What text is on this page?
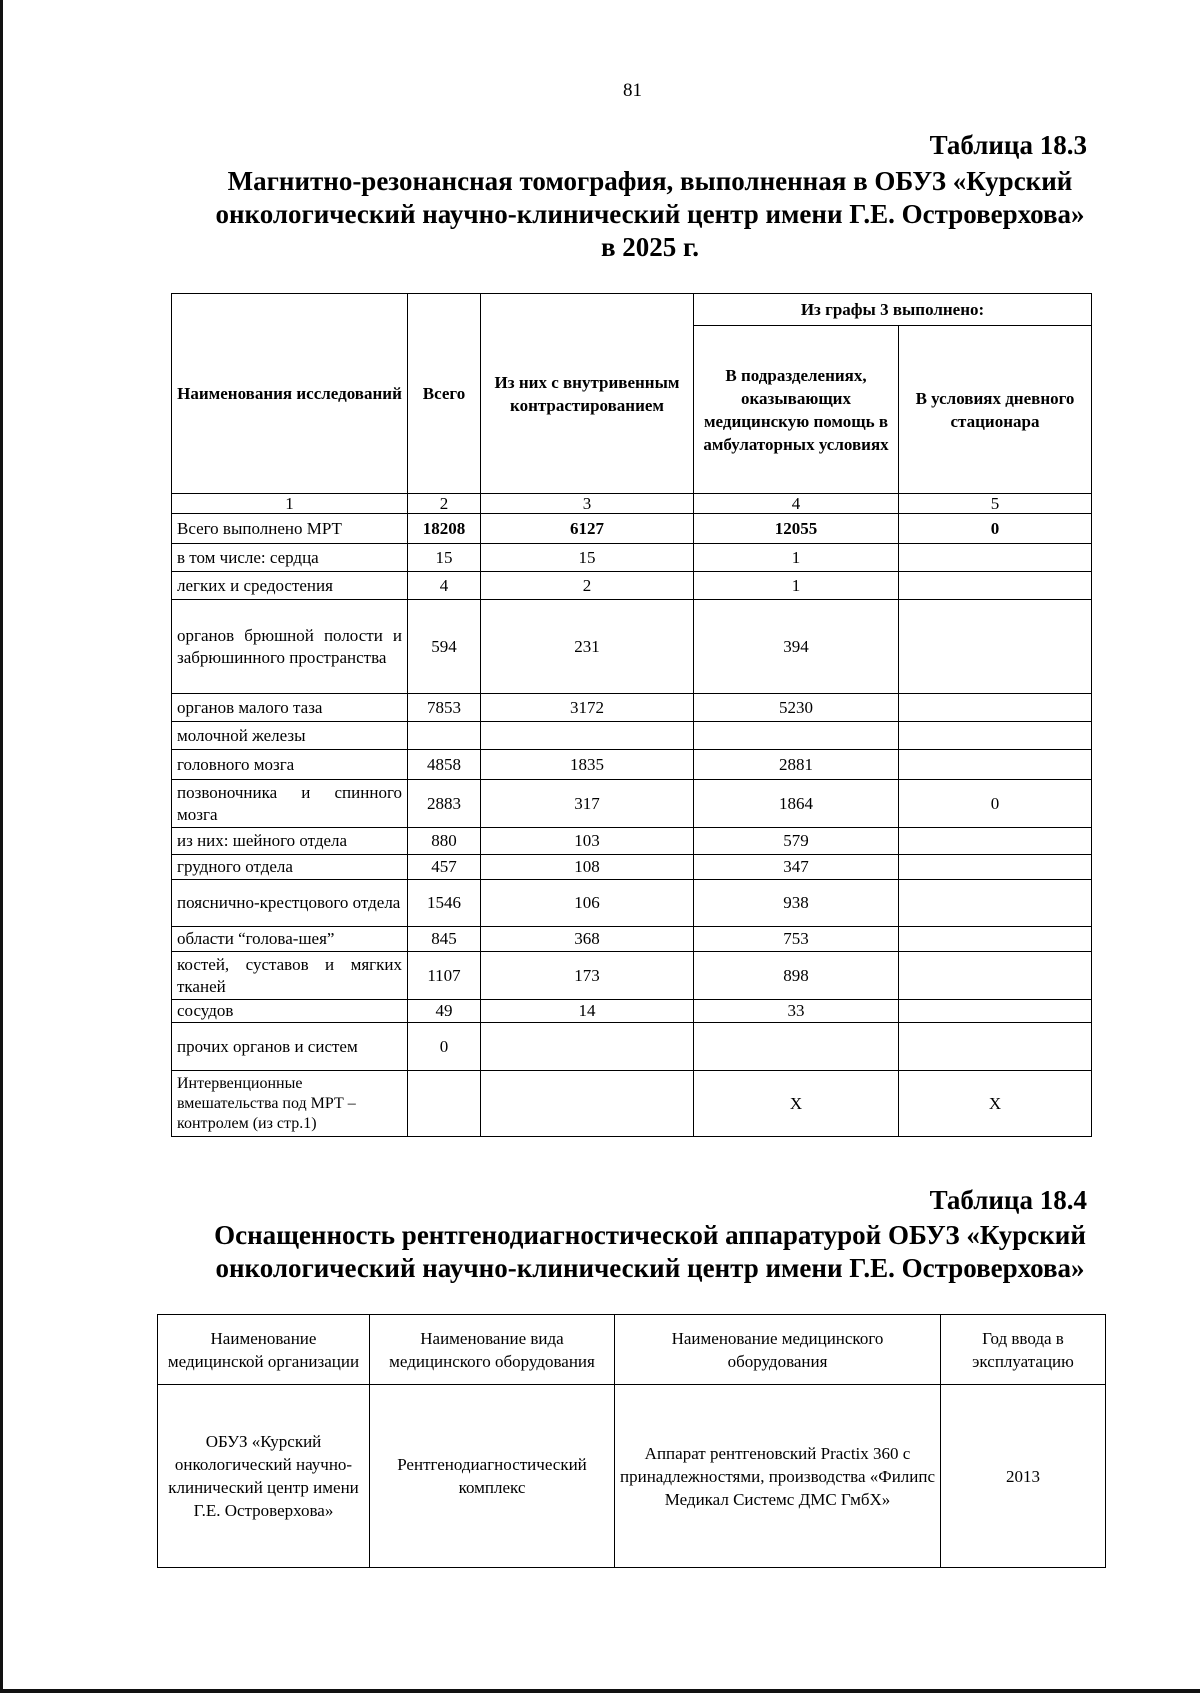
81
Таблица 18.3
Магнитно-резонансная томография, выполненная в ОБУЗ «Курский
онкологический научно-клинический центр имени Г.Е. Островерхова»
в 2025 г.
Наименования исследований	Всего	Из них с внутривенным контрастированием	Из графы 3 выполнено:	
			В подразделениях, оказывающих медицинскую помощь в амбулаторных условиях	В условиях дневного стационара
1	2	3	4	5
Всего выполнено МРТ	18208	6127	12055	0
в том числе: сердца	15	15	1	
легких и средостения	4	2	1	
органов брюшной полости и забрюшинного пространства	594	231	394	
органов малого таза	7853	3172	5230	
молочной железы				
головного мозга	4858	1835	2881	
позвоночника и спинного мозга	2883	317	1864	0
из них: шейного отдела	880	103	579	
грудного отдела	457	108	347	
пояснично-крестцового отдела	1546	106	938	
области “голова-шея”	845	368	753	
костей, суставов и мягких тканей	1107	173	898	
сосудов	49	14	33	
прочих органов и систем	0			
Интервенционные вмешательства под МРТ – контролем (из стр.1)			Х	Х
Таблица 18.4
Оснащенность рентгенодиагностической аппаратурой ОБУЗ «Курский
онкологический научно-клинический центр имени Г.Е. Островерхова»
Наименование медицинской организации	Наименование вида медицинского оборудования	Наименование медицинского оборудования	Год ввода в эксплуатацию
ОБУЗ «Курский онкологический научно-клинический центр имени Г.Е. Островерхова»	Рентгенодиагностический комплекс	Аппарат рентгеновский Practix 360 с принадлежностями, производства «Филипс Медикал Системс ДМС ГмбХ»	2013
